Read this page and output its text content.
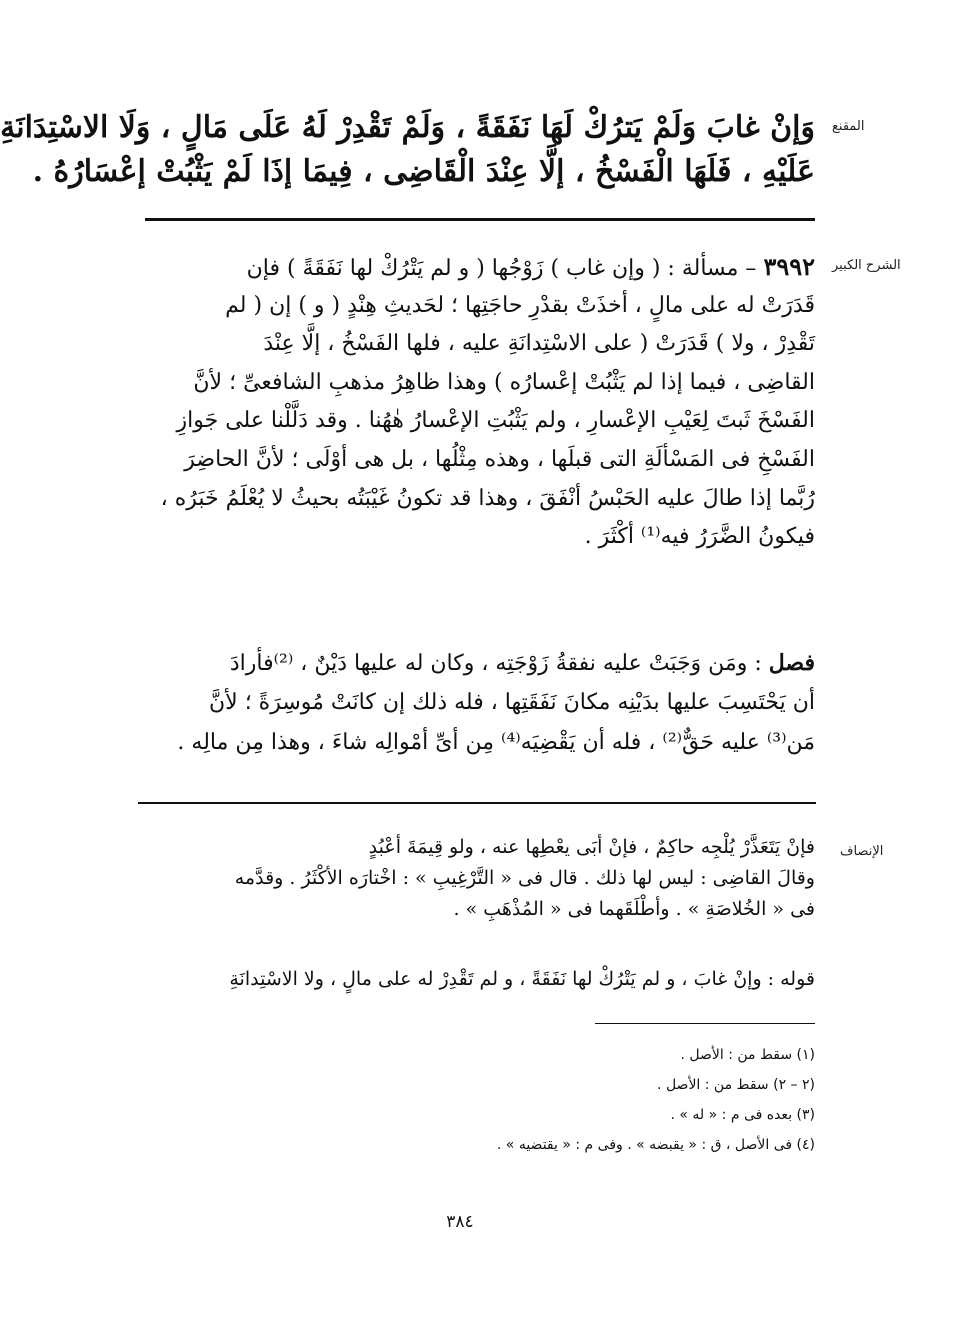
المقنع
الشرح الكبير
الإنصاف
وَإنْ غابَ وَلَمْ يَترُكْ لَهَا نَفَقَةً ، وَلَمْ تَقْدِرْ لَهُ عَلَى مَالٍ ، وَلَا الاسْتِدَانَةِ
عَلَيْهِ ، فَلَهَا الْفَسْخُ ، إلَّا عِنْدَ الْقَاضِى ، فِيمَا إذَا لَمْ يَثْبُتْ إعْسَارُهُ .
٣٩٩٢ – مسألة : ( وإن غاب ) زَوْجُها ( و لم يَتْرُكْ لها نَفَقَةً ) فإن
قَدَرَتْ له على مالٍ ، أخذَتْ بقدْرِ حاجَتِها ؛ لحَديثِ هِنْدٍ ( و ) إن ( لم
تَقْدِرْ ، ولا ) قَدَرَتْ ( على الاسْتِدانَةِ عليه ، فلها الفَسْخُ ، إلَّا عِنْدَ
القاضِى ، فيما إذا لم يَثْبُتْ إعْسارُه ) وهذا ظاهِرُ مذهبِ الشافعىِّ ؛ لأنَّ
الفَسْخَ ثَبتَ لِعَيْبِ الإعْسارِ ، ولم يَثْبُتِ الإعْسارُ هٰهُنا . وقد دَلَّلْنا على جَوازِ
الفَسْخِ فى المَسْألَةِ التى قبلَها ، وهذه مِثْلُها ، بل هى أوْلَى ؛ لأنَّ الحاضِرَ
رُبَّما إذا طالَ عليه الحَبْسُ أنْفَقَ ، وهذا قد تكونُ غَيْبَتُه بحيثُ لا يُعْلَمُ خَبَرُه ،
فيكونُ الضَّرَرُ فيه⁽¹⁾ أكْثَرَ .
فصل : ومَن وَجَبَتْ عليه نفقةُ زَوْجَتِه ، وكان له عليها دَيْنٌ ، ⁽²⁾فأرادَ
أن يَحْتَسِبَ عليها بدَيْنِه مكانَ نَفَقَتِها ، فله ذلك إن كانَتْ مُوسِرَةً ؛ لأنَّ
مَن⁽³⁾ عليه حَقٌّ⁽²⁾ ، فله أن يَقْضِيَه⁽⁴⁾ مِن أىِّ أمْوالِه شاءَ ، وهذا مِن مالِه .
فإنْ يَتَعَذَّرْ يُلْجِه حاكِمٌ ، فإنْ أبَى يعْطِها عنه ، ولو قِيمَةَ أعْبُدٍ
وقالَ القاضِى : ليس لها ذلك . قال فى « التَّرْغِيبِ » : اخْتارَه الأكْثَرُ . وقدَّمه
فى « الخُلاصَةِ » . وأطْلَقَهما فى « المُذْهَبِ » .
قوله : وإنْ غابَ ، و لم يَتْرُكْ لها نَفَقَةً ، و لم تَقْدِرْ له على مالٍ ، ولا الاسْتِدانَةِ
(١) سقط من : الأصل .
(٢ – ٢) سقط من : الأصل .
(٣) بعده فى م : « له » .
(٤) فى الأصل ، ق : « يقبضه » . وفى م : « يقتضيه » .
٣٨٤
